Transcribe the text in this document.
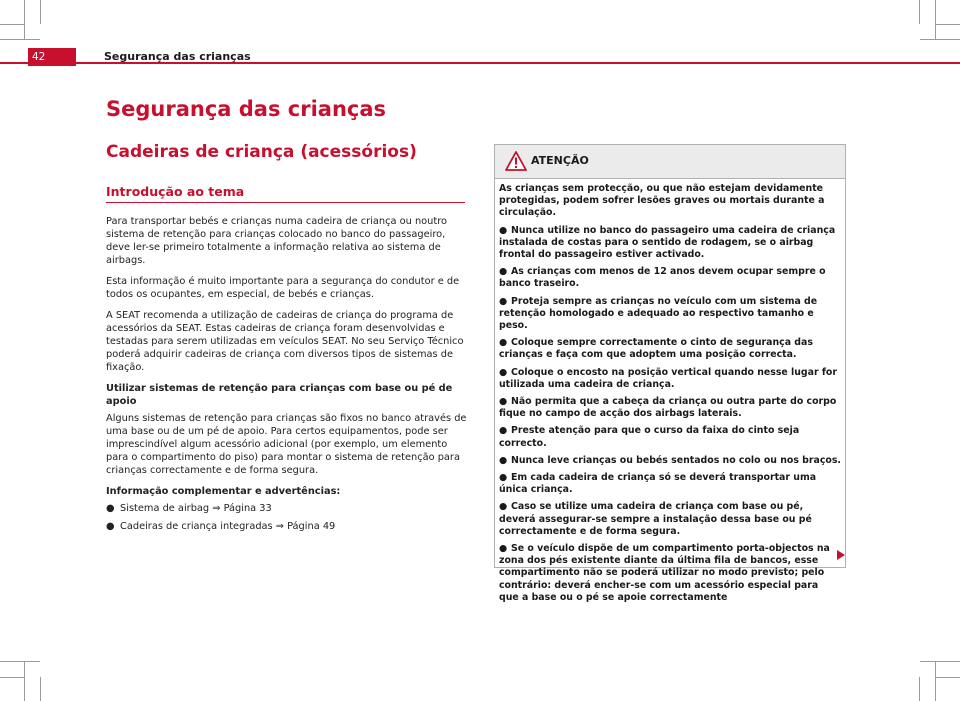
42	Segurança das crianças
Segurança das crianças
Cadeiras de criança (acessórios)
Introdução ao tema

Para transportar bebés e crianças numa cadeira de criança ou noutro sistema de retenção para crianças colocado no banco do passageiro, deve ler-se primeiro totalmente a informação relativa ao sistema de airbags.

Esta informação é muito importante para a segurança do condutor e de todos os ocupantes, em especial, de bebés e crianças.

A SEAT recomenda a utilização de cadeiras de criança do programa de acessórios da SEAT. Estas cadeiras de criança foram desenvolvidas e testadas para serem utilizadas em veículos SEAT. No seu Serviço Técnico poderá adquirir cadeiras de criança com diversos tipos de sistemas de fixação.

Utilizar sistemas de retenção para crianças com base ou pé de apoio

Alguns sistemas de retenção para crianças são fixos no banco através de uma base ou de um pé de apoio. Para certos equipamentos, pode ser imprescindível algum acessório adicional (por exemplo, um elemento para o compartimento do piso) para montar o sistema de retenção para crianças correctamente e de forma segura.

Informação complementar e advertências:

● Sistema de airbag ⇒ Página 33
● Cadeiras de criança integradas ⇒ Página 49
ATENÇÃO

As crianças sem protecção, ou que não estejam devidamente protegidas, podem sofrer lesões graves ou mortais durante a circulação.

● Nunca utilize no banco do passageiro uma cadeira de criança instalada de costas para o sentido de rodagem, se o airbag frontal do passageiro estiver activado.

● As crianças com menos de 12 anos devem ocupar sempre o banco traseiro.

● Proteja sempre as crianças no veículo com um sistema de retenção homologado e adequado ao respectivo tamanho e peso.

● Coloque sempre correctamente o cinto de segurança das crianças e faça com que adoptem uma posição correcta.

● Coloque o encosto na posição vertical quando nesse lugar for utilizada uma cadeira de criança.

● Não permita que a cabeça da criança ou outra parte do corpo fique no campo de acção dos airbags laterais.

● Preste atenção para que o curso da faixa do cinto seja correcto.

● Nunca leve crianças ou bebés sentados no colo ou nos braços.

● Em cada cadeira de criança só se deverá transportar uma única criança.

● Caso se utilize uma cadeira de criança com base ou pé, deverá assegurar-se sempre a instalação dessa base ou pé correctamente e de forma segura.

● Se o veículo dispõe de um compartimento porta-objectos na zona dos pés existente diante da última fila de bancos, esse compartimento não se poderá utilizar no modo previsto; pelo contrário: deverá encher-se com um acessório especial para que a base ou o pé se apoie correctamente
